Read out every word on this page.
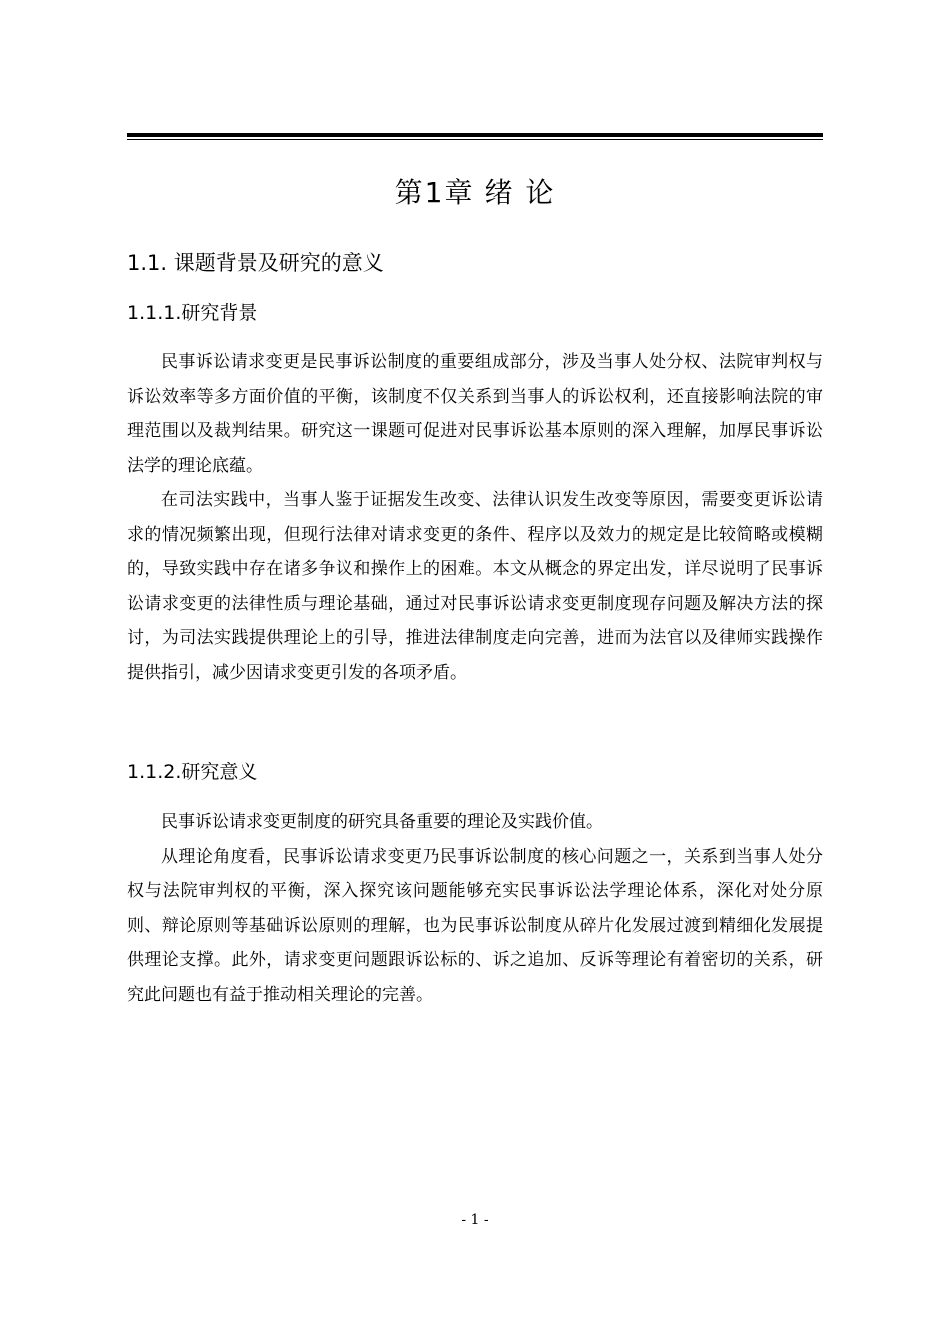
第1章 绪 论
1.1. 课题背景及研究的意义
1.1.1.研究背景

民事诉讼请求变更是民事诉讼制度的重要组成部分，涉及当事人处分权、法院审判权与诉讼效率等多方面价值的平衡，该制度不仅关系到当事人的诉讼权利，还直接影响法院的审理范围以及裁判结果。研究这一课题可促进对民事诉讼基本原则的深入理解，加厚民事诉讼法学的理论底蕴。

在司法实践中，当事人鉴于证据发生改变、法律认识发生改变等原因，需要变更诉讼请求的情况频繁出现，但现行法律对请求变更的条件、程序以及效力的规定是比较简略或模糊的，导致实践中存在诸多争议和操作上的困难。本文从概念的界定出发，详尽说明了民事诉讼请求变更的法律性质与理论基础，通过对民事诉讼请求变更制度现存问题及解决方法的探讨，为司法实践提供理论上的引导，推进法律制度走向完善，进而为法官以及律师实践操作提供指引，减少因请求变更引发的各项矛盾。

1.1.2.研究意义

民事诉讼请求变更制度的研究具备重要的理论及实践价值。

从理论角度看，民事诉讼请求变更乃民事诉讼制度的核心问题之一，关系到当事人处分权与法院审判权的平衡，深入探究该问题能够充实民事诉讼法学理论体系，深化对处分原则、辩论原则等基础诉讼原则的理解，也为民事诉讼制度从碎片化发展过渡到精细化发展提供理论支撑。此外，请求变更问题跟诉讼标的、诉之追加、反诉等理论有着密切的关系，研究此问题也有益于推动相关理论的完善。

- 1 -
